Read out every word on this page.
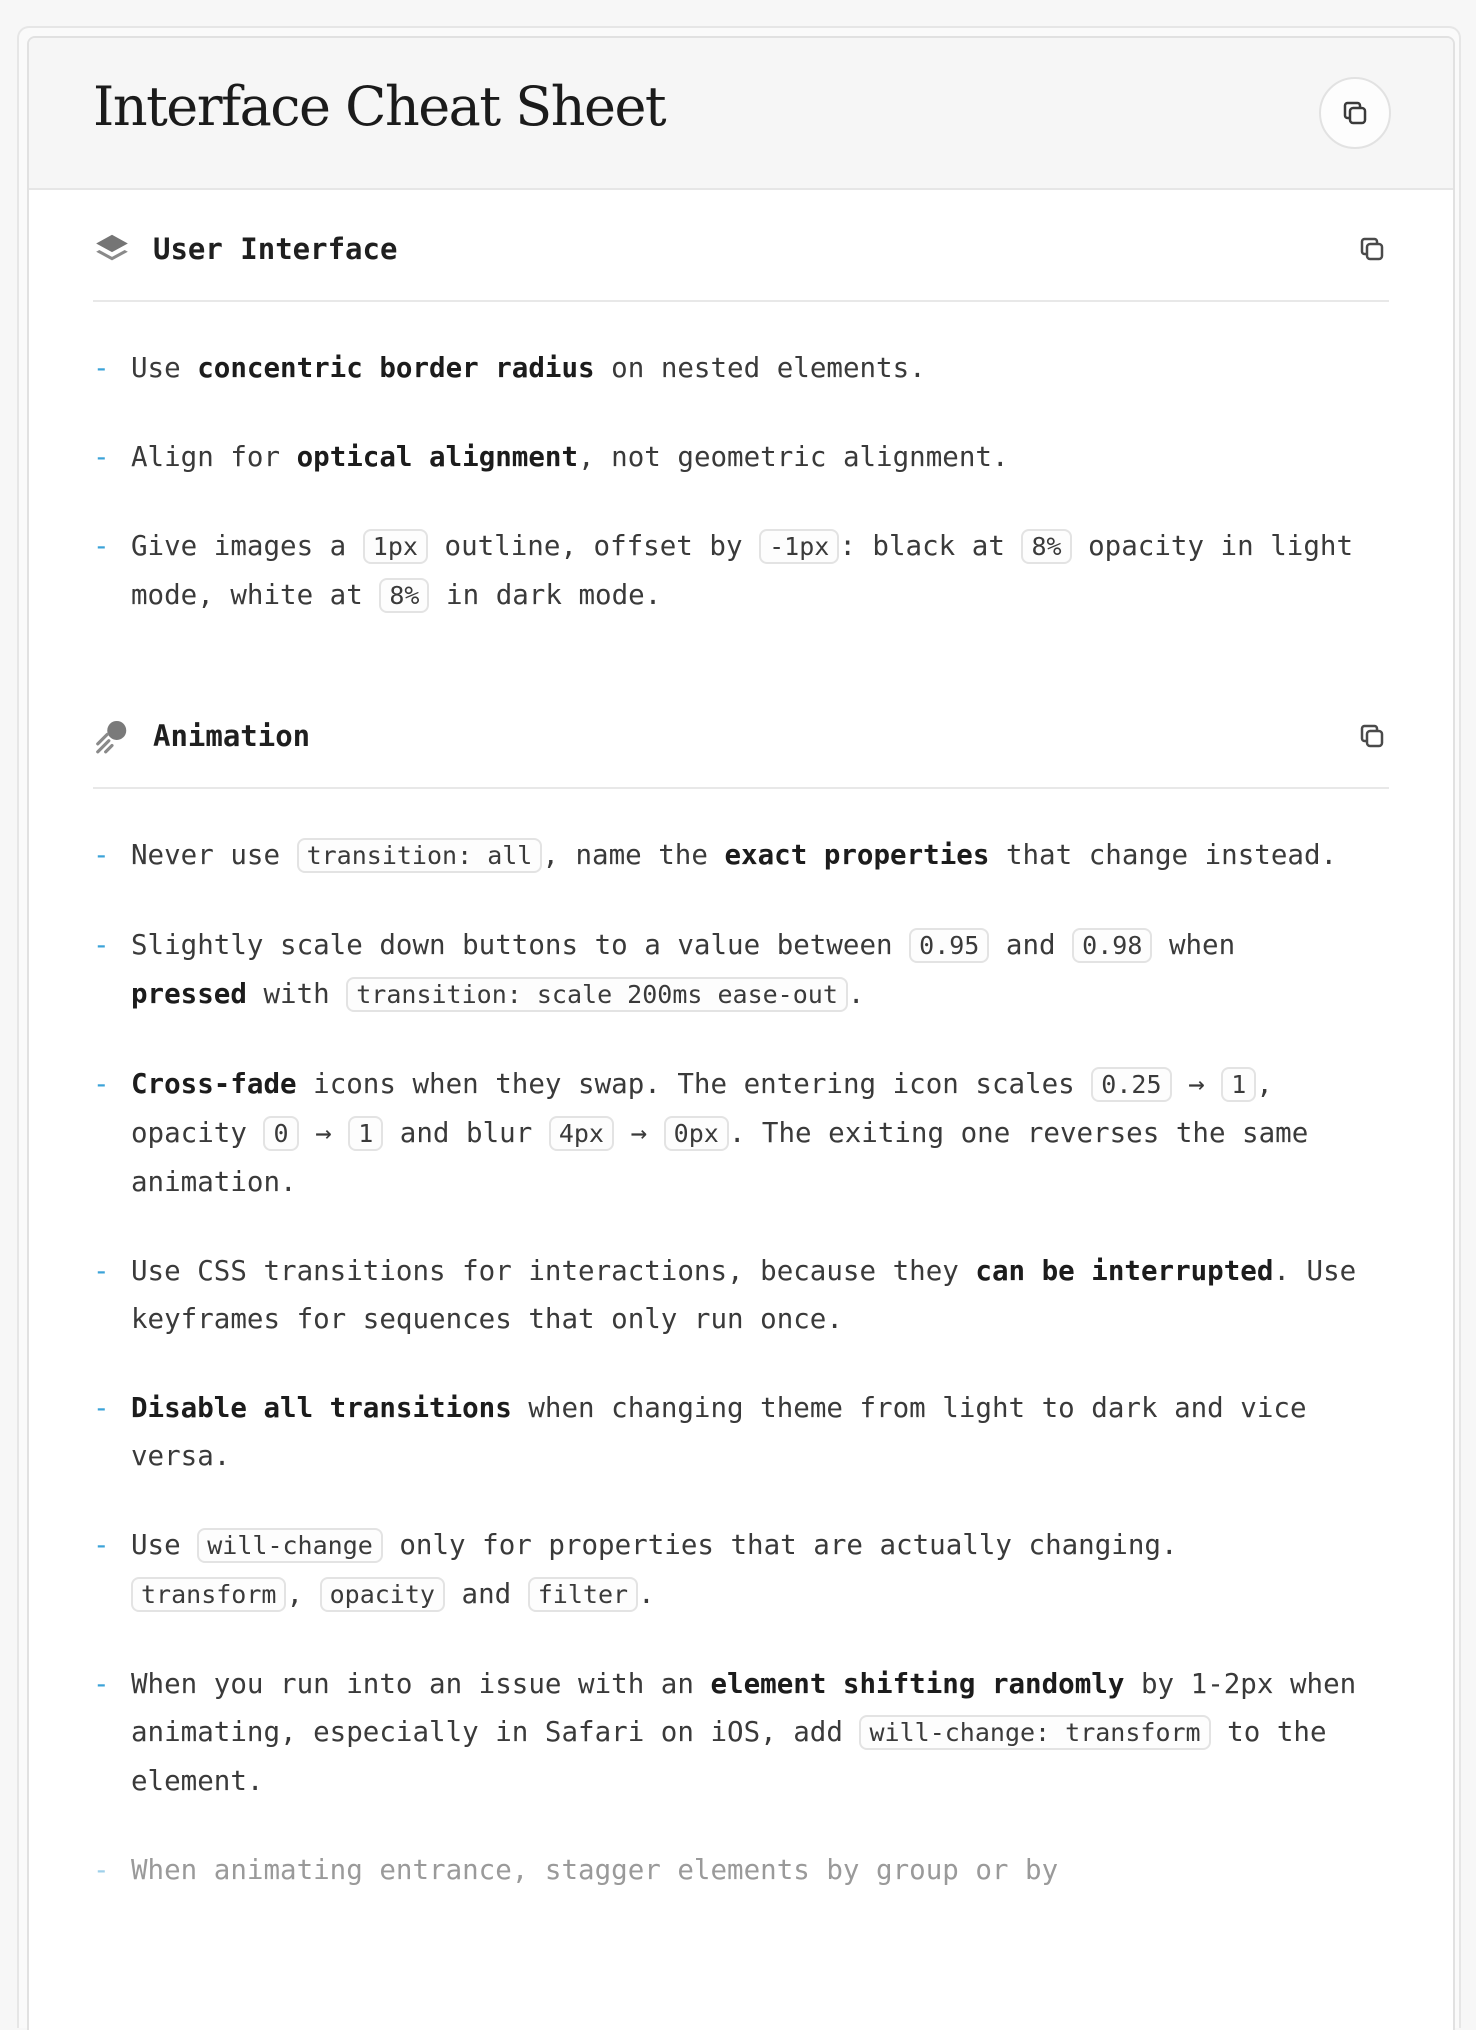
Interface Cheat Sheet
User Interface
- Use concentric border radius on nested elements.
- Align for optical alignment, not geometric alignment.
- Give images a 1px outline, offset by -1px : black at 8% opacity in light mode, white at 8% in dark mode.
Animation
- Never use transition: all , name the exact properties that change instead.
- Slightly scale down buttons to a value between 0.95 and 0.98 when pressed with transition: scale 200ms ease-out .
- Cross-fade icons when they swap. The entering icon scales 0.25 → 1 , opacity 0 → 1 and blur 4px → 0px . The exiting one reverses the same animation.
- Use CSS transitions for interactions, because they can be interrupted. Use keyframes for sequences that only run once.
- Disable all transitions when changing theme from light to dark and vice versa.
- Use will-change only for properties that are actually changing. transform , opacity and filter .
- When you run into an issue with an element shifting randomly by 1-2px when animating, especially in Safari on iOS, add will-change: transform to the element.
- When animating entrance, stagger elements by group or by
